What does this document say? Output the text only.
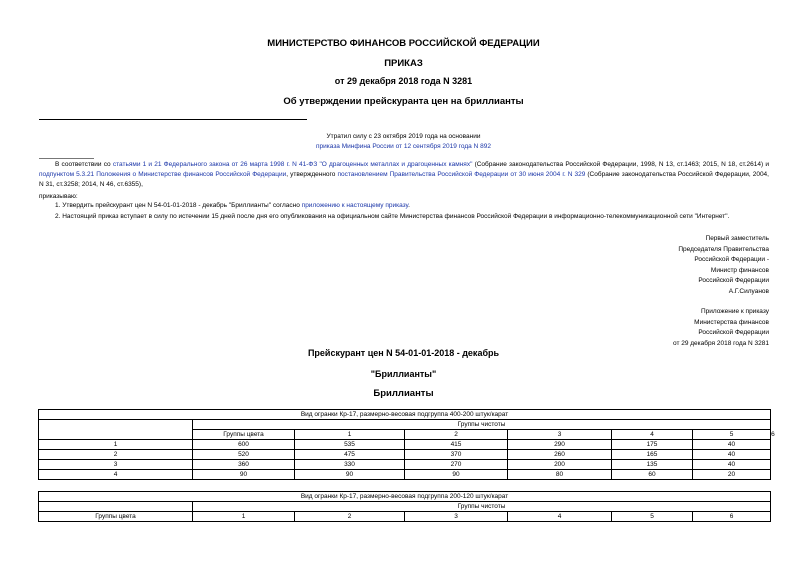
МИНИСТЕРСТВО ФИНАНСОВ РОССИЙСКОЙ ФЕДЕРАЦИИ
ПРИКАЗ
от 29 декабря 2018 года N 3281
Об утверждении прейскуранта цен на бриллианты
Утратил силу с 23 октября 2019 года на основании
приказа Минфина России от 12 сентября 2019 года N 892
В соответствии со статьями 1 и 21 Федерального закона от 26 марта 1998 г. N 41-ФЗ "О драгоценных металлах и драгоценных камнях" (Собрание законодательства Российской Федерации, 1998, N 13, ст.1463; 2015, N 18, ст.2614) и подпунктом 5.3.21 Положения о Министерстве финансов Российской Федерации, утвержденного постановлением Правительства Российской Федерации от 30 июня 2004 г. N 329 (Собрание законодательства Российской Федерации, 2004, N 31, ст.3258; 2014, N 46, ст.6355),
приказываю:
1. Утвердить прейскурант цен N 54-01-01-2018 - декабрь "Бриллианты" согласно приложению к настоящему приказу.
2. Настоящий приказ вступает в силу по истечении 15 дней после дня его опубликования на официальном сайте Министерства финансов Российской Федерации в информационно-телекоммуникационной сети "Интернет".
Первый заместитель
Председателя Правительства
Российской Федерации -
Министр финансов
Российской Федерации
А.Г.Силуанов
Приложение к приказу
Министерства финансов
Российской Федерации
от 29 декабря 2018 года N 3281
Прейскурант цен N 54-01-01-2018 - декабрь
"Бриллианты"
Бриллианты
Вид огранки Кр-17, размерно-весовая подгруппа 400-200 штук/карат							
	Группы чистоты						
	Группы цвета	1	2	3	4	5	6
1	600	535	415	290	175	40	
2	520	475	370	260	165	40	
3	360	330	270	200	135	40	
4	90	90	90	80	60	20	
Вид огранки Кр-17, размерно-весовая подгруппа 200-120 штук/карат						
	Группы чистоты					
Группы цвета	1	2	3	4	5	6
